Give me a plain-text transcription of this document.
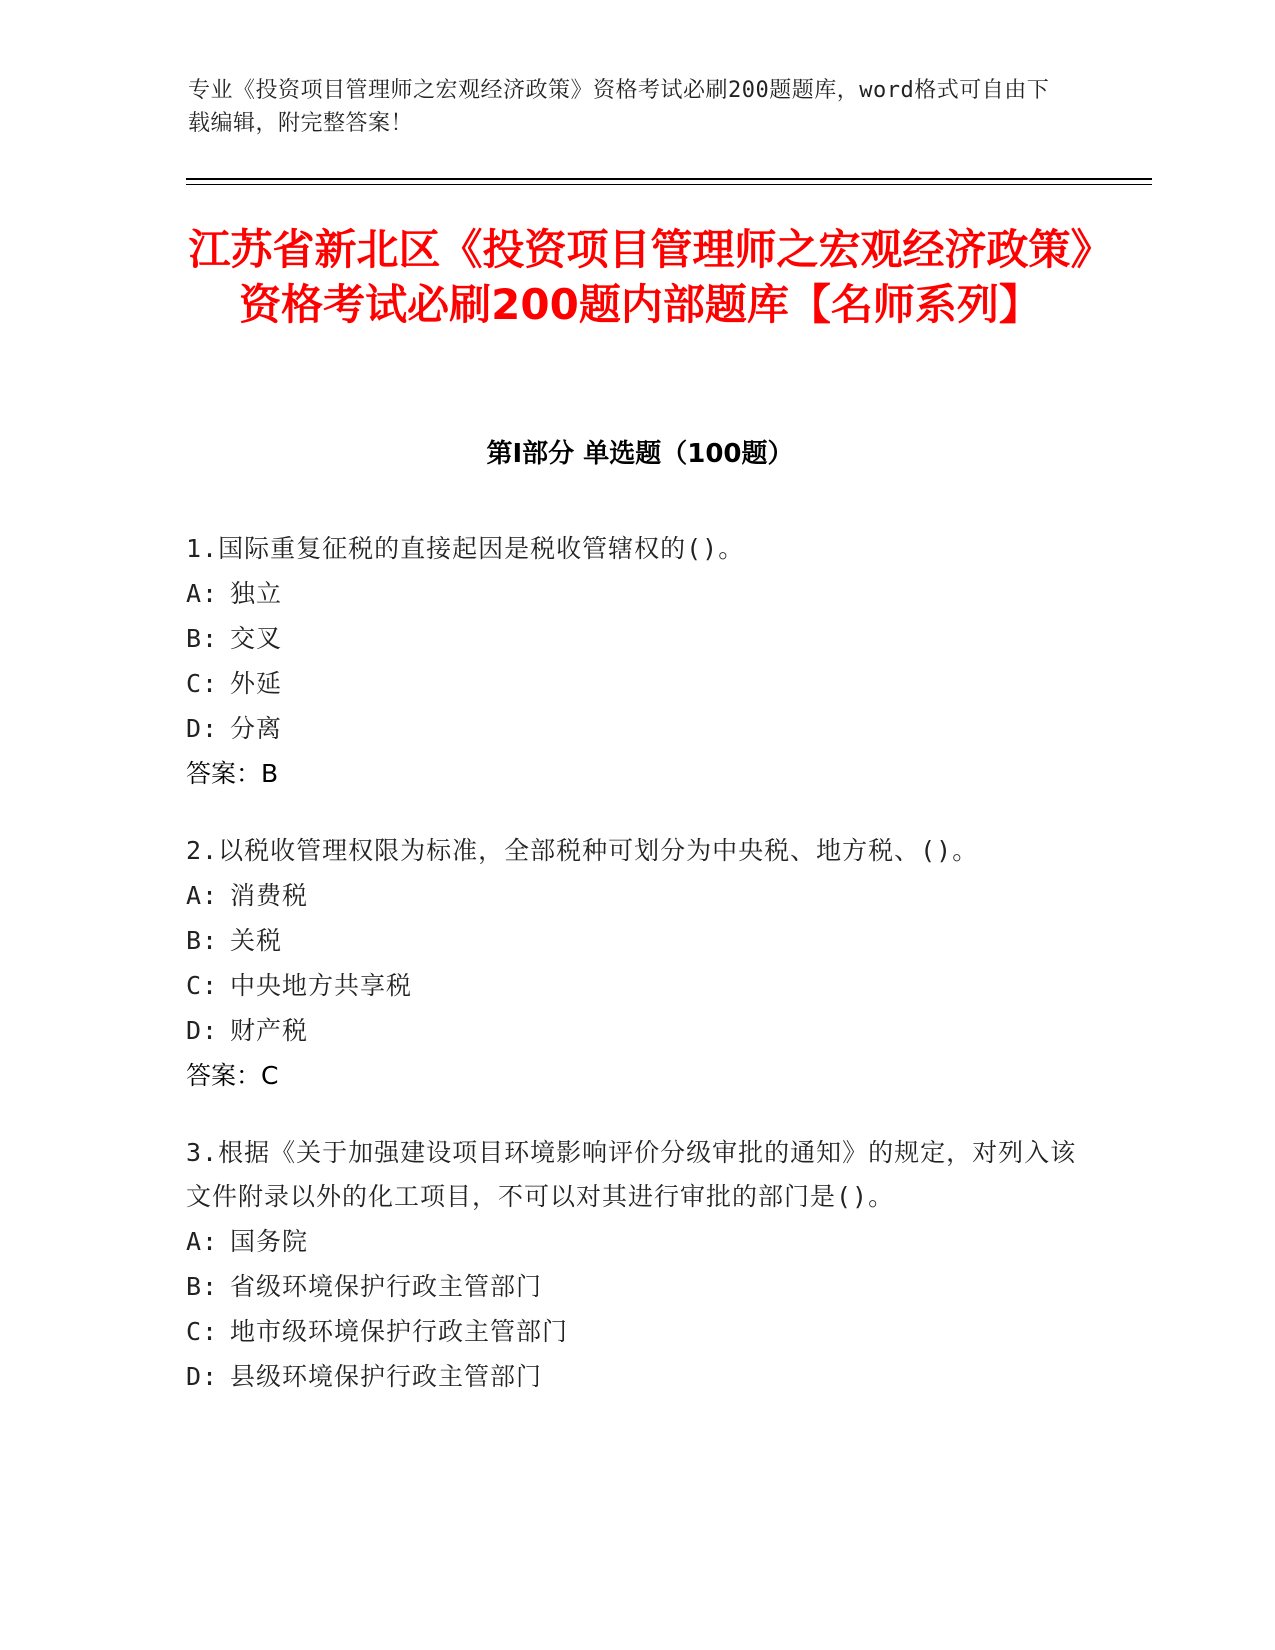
专业《投资项目管理师之宏观经济政策》资格考试必刷200题题库，word格式可自由下载编辑，附完整答案！
江苏省新北区《投资项目管理师之宏观经济政策》资格考试必刷200题内部题库【名师系列】
第I部分 单选题（100题）

1.国际重复征税的直接起因是税收管辖权的()。

A: 独立

B: 交叉

C: 外延

D: 分离

答案：B

2.以税收管理权限为标准，全部税种可划分为中央税、地方税、()。

A: 消费税

B: 关税

C: 中央地方共享税

D: 财产税

答案：C

3.根据《关于加强建设项目环境影响评价分级审批的通知》的规定，对列入该文件附录以外的化工项目，不可以对其进行审批的部门是()。

A: 国务院

B: 省级环境保护行政主管部门

C: 地市级环境保护行政主管部门

D: 县级环境保护行政主管部门
